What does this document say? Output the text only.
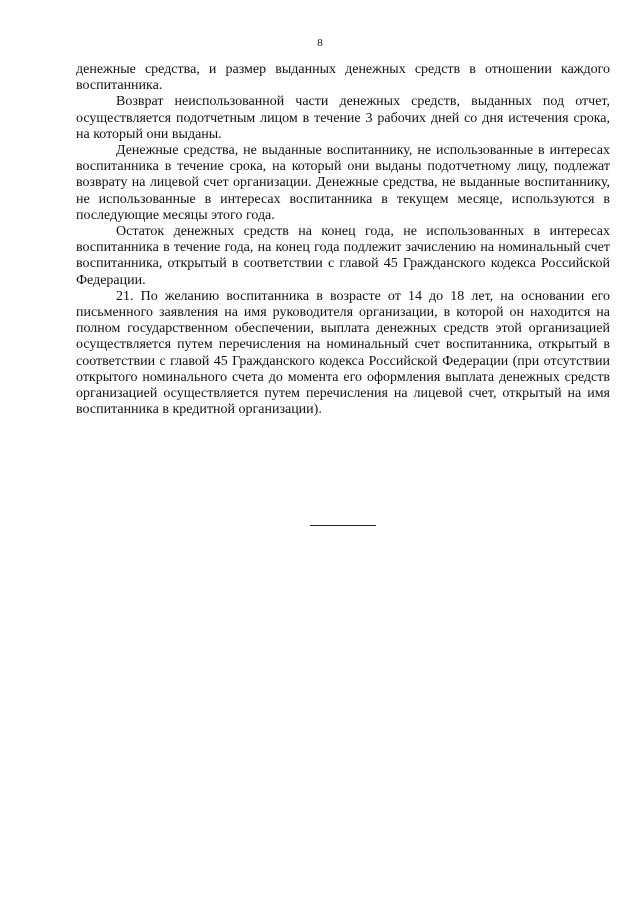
8

денежные средства, и размер выданных денежных средств в отношении каждого воспитанника.

Возврат неиспользованной части денежных средств, выданных под отчет, осуществляется подотчетным лицом в течение 3 рабочих дней со дня истечения срока, на который они выданы.

Денежные средства, не выданные воспитаннику, не использованные в интересах воспитанника в течение срока, на который они выданы подотчетному лицу, подлежат возврату на лицевой счет организации. Денежные средства, не выданные воспитаннику, не использованные в интересах воспитанника в текущем месяце, используются в последующие месяцы этого года.

Остаток денежных средств на конец года, не использованных в интересах воспитанника в течение года, на конец года подлежит зачислению на номинальный счет воспитанника, открытый в соответствии с главой 45 Гражданского кодекса Российской Федерации.

21. По желанию воспитанника в возрасте от 14 до 18 лет, на основании его письменного заявления на имя руководителя организации, в которой он находится на полном государственном обеспечении, выплата денежных средств этой организацией осуществляется путем перечисления на номинальный счет воспитанника, открытый в соответствии с главой 45 Гражданского кодекса Российской Федерации (при отсутствии открытого номинального счета до момента его оформления выплата денежных средств организацией осуществляется путем перечисления на лицевой счет, открытый на имя воспитанника в кредитной организации).
